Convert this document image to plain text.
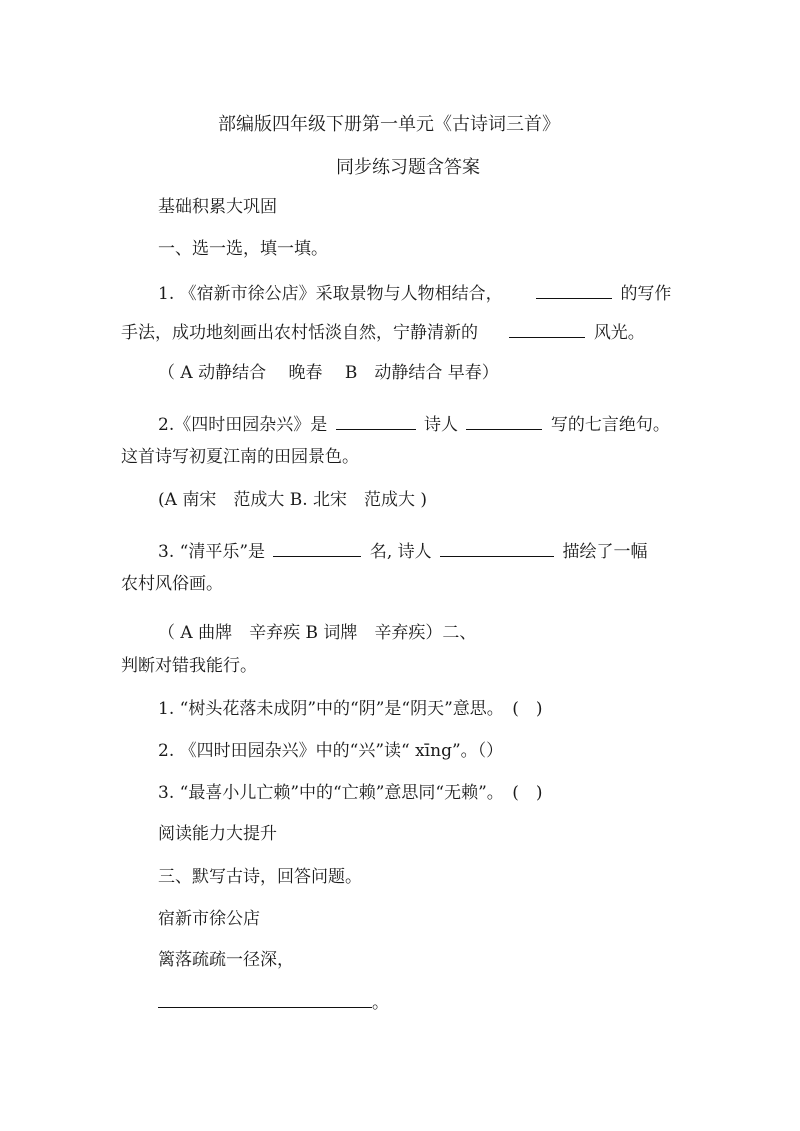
部编版四年级下册第一单元《古诗词三首》
同步练习题含答案
基础积累大巩固
一、选一选，填一填。
1. 《宿新市徐公店》采取景物与人物相结合，	的写作
手法，成功地刻画出农村恬淡自然，宁静清新的	风光。
（ A 动静结合　 晚春　 B　动静结合 早春）
2.《四时田园杂兴》是	诗人	写的七言绝句。
这首诗写初夏江南的田园景色。
(A 南宋　范成大 B. 北宋　范成大 )
3. “清平乐”是	名, 诗人	描绘了一幅
农村风俗画。
（ A 曲牌　辛弃疾 B 词牌　辛弃疾）二、
判断对错我能行。
1. “树头花落未成阴”中的“阴”是“阴天”意思。　(　)
2. 《四时田园杂兴》中的“兴”读“ xīng”。（）
3. “最喜小儿亡赖”中的“亡赖”意思同“无赖”。　(　)
阅读能力大提升
三、默写古诗，回答问题。
宿新市徐公店
篱落疏疏一径深，
。
